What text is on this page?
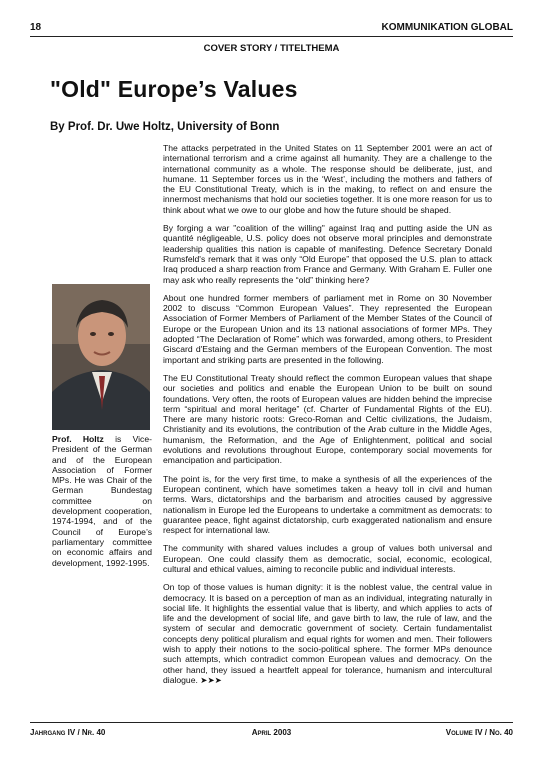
18	KOMMUNIKATION GLOBAL
COVER STORY / TITELTHEMA
"Old" Europe’s Values
By Prof. Dr. Uwe Holtz, University of Bonn

The attacks perpetrated in the United States on 11 September 2001 were an act of international terrorism and a crime against all humanity. They are a challenge to the international community as a whole. The response should be deliberate, just, and humane. 11 September forces us in the ‘West’, including the mothers and fathers of the EU Constitutional Treaty, which is in the making, to reflect on and ensure the innermost mechanisms that hold our societies together. It is one more reason for us to think about what we owe to our globe and how the future should be shaped.

By forging a war "coalition of the willing" against Iraq and putting aside the UN as quantité négligeable, U.S. policy does not observe moral principles and demonstrate leadership qualities this nation is capable of manifesting. Defence Secretary Donald Rumsfeld's remark that it was only “Old Europe” that opposed the U.S. plan to attack Iraq produced a sharp reaction from France and Germany. With Graham E. Fuller one may ask who really represents the “old” thinking here?

About one hundred former members of parliament met in Rome on 30 November 2002 to discuss “Common European Values”. They represented the European Association of Former Members of Parliament of the Member States of the Council of Europe or the European Union and its 13 national associations of former MPs. They adopted “The Declaration of Rome” which was forwarded, among others, to President Giscard d'Estaing and the German members of the European Convention. The most important and striking parts are presented in the following.

The EU Constitutional Treaty should reflect the common European values that shape our societies and politics and enable the European Union to be built on sound foundations. Very often, the roots of European values are hidden behind the imprecise term “spiritual and moral heritage” (cf. Charter of Fundamental Rights of the EU). There are many historic roots: Greco-Roman and Celtic civilizations, the Judaism, Christianity and its evolutions, the contribution of the Arab culture in the Middle Ages, humanism, the Reformation, and the Age of Enlightenment, political and social evolutions and revolutions throughout Europe, contemporary social movements for emancipation and participation.

The point is, for the very first time, to make a synthesis of all the experiences of the European continent, which have sometimes taken a heavy toll in civil and human terms. Wars, dictatorships and the barbarism and atrocities caused by aggressive nationalism in Europe led the Europeans to undertake a commitment as democrats: to guarantee peace, fight against dictatorship, curb exaggerated nationalism and ensure respect for international law.

The community with shared values includes a group of values both universal and European. One could classify them as democratic, social, economic, ecological, cultural and ethical values, aiming to reconcile public and individual interests.

On top of those values is human dignity: it is the noblest value, the central value in democracy. It is based on a perception of man as an individual, integrating naturally in social life. It highlights the essential value that is liberty, and which applies to acts of life and the development of social life, and gave birth to law, the rule of law, and the system of secular and democratic government of society. Certain fundamentalist concepts deny political pluralism and equal rights for women and men. Their followers wish to apply their notions to the socio-political sphere. The former MPs denounce such attempts, which contradict common European values and democracy. On the other hand, they issued a heartfelt appeal for tolerance, humanism and intercultural dialogue. ➤➤➤

Prof. Holtz is Vice-President of the German and of the European Association of Former MPs. He was Chair of the German Bundestag committee on development cooperation, 1974-1994, and of the Council of Europe’s parliamentary committee on economic affairs and development, 1992-1995.
Jahrgang IV / Nr. 40	April 2003	Volume IV / No. 40
